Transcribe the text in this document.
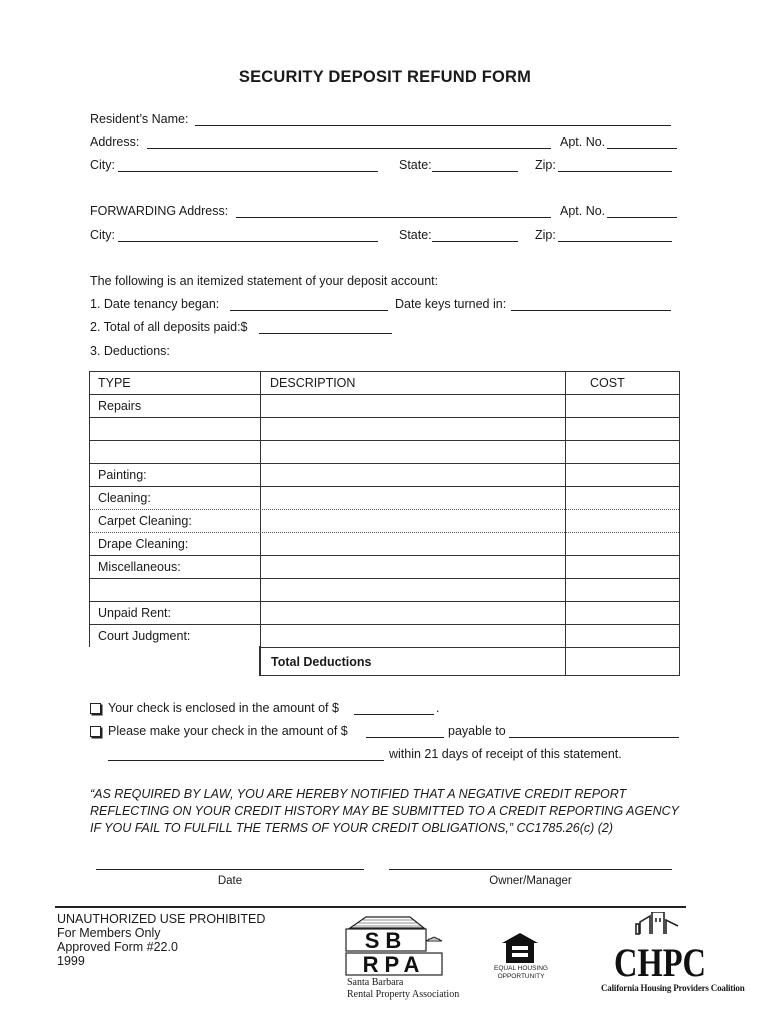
SECURITY DEPOSIT REFUND FORM
Resident’s Name:
Address:	Apt. No.
City:	State:	Zip:
FORWARDING Address:	Apt. No.
City:	State:	Zip:
The following is an itemized statement of your deposit account:
1. Date tenancy began:	Date keys turned in:
2. Total of all deposits paid:$
3. Deductions:
TYPE	DESCRIPTION	COST
Repairs
Painting:
Cleaning:
Carpet Cleaning:
Drape Cleaning:
Miscellaneous:
Unpaid Rent:
Court Judgment:
Total Deductions
Your check is enclosed in the amount of $	.
Please make your check in the amount of $	payable to
within 21 days of receipt of this statement.
“AS REQUIRED BY LAW, YOU ARE HEREBY NOTIFIED THAT A NEGATIVE CREDIT REPORT
REFLECTING ON YOUR CREDIT HISTORY MAY BE SUBMITTED TO A CREDIT REPORTING AGENCY
IF YOU FAIL TO FULFILL THE TERMS OF YOUR CREDIT OBLIGATIONS,” CC1785.26(c) (2)
Date	Owner/Manager
UNAUTHORIZED USE PROHIBITED
For Members Only
Approved Form #22.0
1999
SB
RPA
Santa Barbara
Rental Property Association
EQUAL HOUSING
OPPORTUNITY	CHPC
California Housing Providers Coalition
